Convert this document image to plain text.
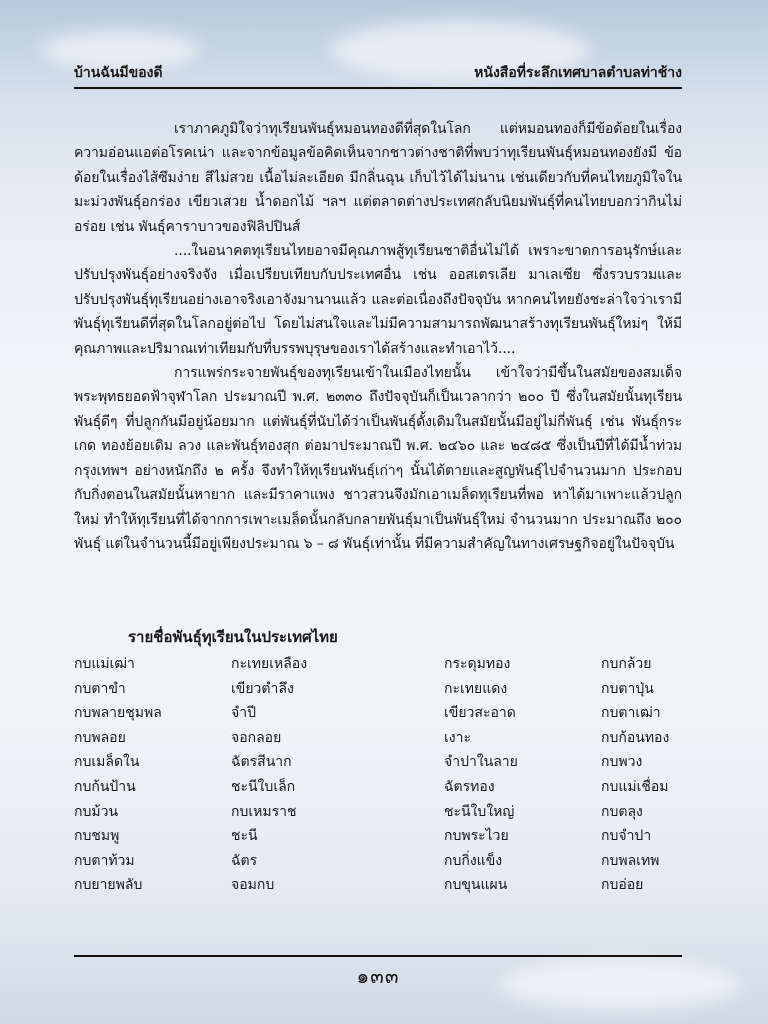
บ้านฉันมีของดี	หนังสือที่ระลึกเทศบาลตำบลท่าช้าง

เราภาคภูมิใจว่าทุเรียนพันธุ์หมอนทองดีที่สุดในโลก แต่หมอนทองก็มีข้อด้อยในเรื่องความอ่อนแอต่อโรคเน่า และจากข้อมูลข้อคิดเห็นจากชาวต่างชาติที่พบว่าทุเรียนพันธุ์หมอนทองยังมี ข้อด้อยในเรื่องไส้ซึมง่าย สีไม่สวย เนื้อไม่ละเอียด มีกลิ่นฉุน เก็บไว้ได้ไม่นาน เช่นเดียวกับที่คนไทยภูมิใจในมะม่วงพันธุ์อกร่อง เขียวเสวย น้ำดอกไม้ ฯลฯ แต่ตลาดต่างประเทศกลับนิยมพันธุ์ที่คนไทยบอกว่ากินไม่อร่อย เช่น พันธุ์คาราบาวของฟิลิปปินส์

....ในอนาคตทุเรียนไทยอาจมีคุณภาพสู้ทุเรียนชาติอื่นไม่ได้ เพราะขาดการอนุรักษ์และปรับปรุงพันธุ์อย่างจริงจัง เมื่อเปรียบเทียบกับประเทศอื่น เช่น ออสเตรเลีย มาเลเซีย ซึ่งรวบรวมและปรับปรุงพันธุ์ทุเรียนอย่างเอาจริงเอาจังมานานแล้ว และต่อเนื่องถึงปัจจุบัน หากคนไทยยังชะล่าใจว่าเรามีพันธุ์ทุเรียนดีที่สุดในโลกอยู่ต่อไป โดยไม่สนใจและไม่มีความสามารถพัฒนาสร้างทุเรียนพันธุ์ใหม่ๆ ให้มีคุณภาพและปริมาณเท่าเทียมกับที่บรรพบุรุษของเราได้สร้างและทำเอาไว้....

การแพร่กระจายพันธุ์ของทุเรียนเข้าในเมืองไทยนั้น เข้าใจว่ามีขึ้นในสมัยของสมเด็จพระพุทธยอดฟ้าจุฬาโลก ประมาณปี พ.ศ. ๒๓๓๐ ถึงปัจจุบันก็เป็นเวลากว่า ๒๐๐ ปี ซึ่งในสมัยนั้นทุเรียนพันธุ์ดีๆ ที่ปลูกกันมีอยู่น้อยมาก แต่พันธุ์ที่นับได้ว่าเป็นพันธุ์ดั้งเดิมในสมัยนั้นมีอยู่ไม่กี่พันธุ์ เช่น พันธุ์กระเกด ทองย้อยเดิม ลวง และพันธุ์ทองสุก ต่อมาประมาณปี พ.ศ. ๒๔๖๐ และ ๒๔๘๕ ซึ่งเป็นปีที่ได้มีน้ำท่วมกรุงเทพฯ อย่างหนักถึง ๒ ครั้ง จึงทำให้ทุเรียนพันธุ์เก่าๆ นั้นได้ตายและสูญพันธุ์ไปจำนวนมาก ประกอบกับกิ่งตอนในสมัยนั้นหายาก และมีราคาแพง ชาวสวนจึงมักเอาเมล็ดทุเรียนที่พอ หาได้มาเพาะแล้วปลูกใหม่ ทำให้ทุเรียนที่ได้จากการเพาะเมล็ดนั้นกลับกลายพันธุ์มาเป็นพันธุ์ใหม่ จำนวนมาก ประมาณถึง ๒๐๐ พันธุ์ แต่ในจำนวนนี้มีอยู่เพียงประมาณ ๖ – ๘ พันธุ์เท่านั้น ที่มีความสำคัญในทางเศรษฐกิจอยู่ในปัจจุบัน

รายชื่อพันธุ์ทุเรียนในประเทศไทย
กบแม่เฒ่า
กบตาขำ
กบพลายชุมพล
กบพลอย
กบเมล็ดใน
กบก้นป้าน
กบม้วน
กบชมพู
กบตาท้วม
กบยายพลับ
กะเทยเหลือง
เขียวตำลึง
จำปี
จอกลอย
ฉัตรสีนาก
ชะนีใบเล็ก
กบเหมราช
ชะนี
ฉัตร
จอมกบ
กระดุมทอง
กะเทยแดง
เขียวสะอาด
เงาะ
จำปาในลาย
ฉัตรทอง
ชะนีใบใหญ่
กบพระไวย
กบกิ่งแข็ง
กบขุนแผน
กบกล้วย
กบตาปุ่น
กบตาเฒ่า
กบก้อนทอง
กบพวง
กบแม่เชื่อม
กบตลุง
กบจำปา
กบพลเทพ
กบอ่อย
๑๓๓
